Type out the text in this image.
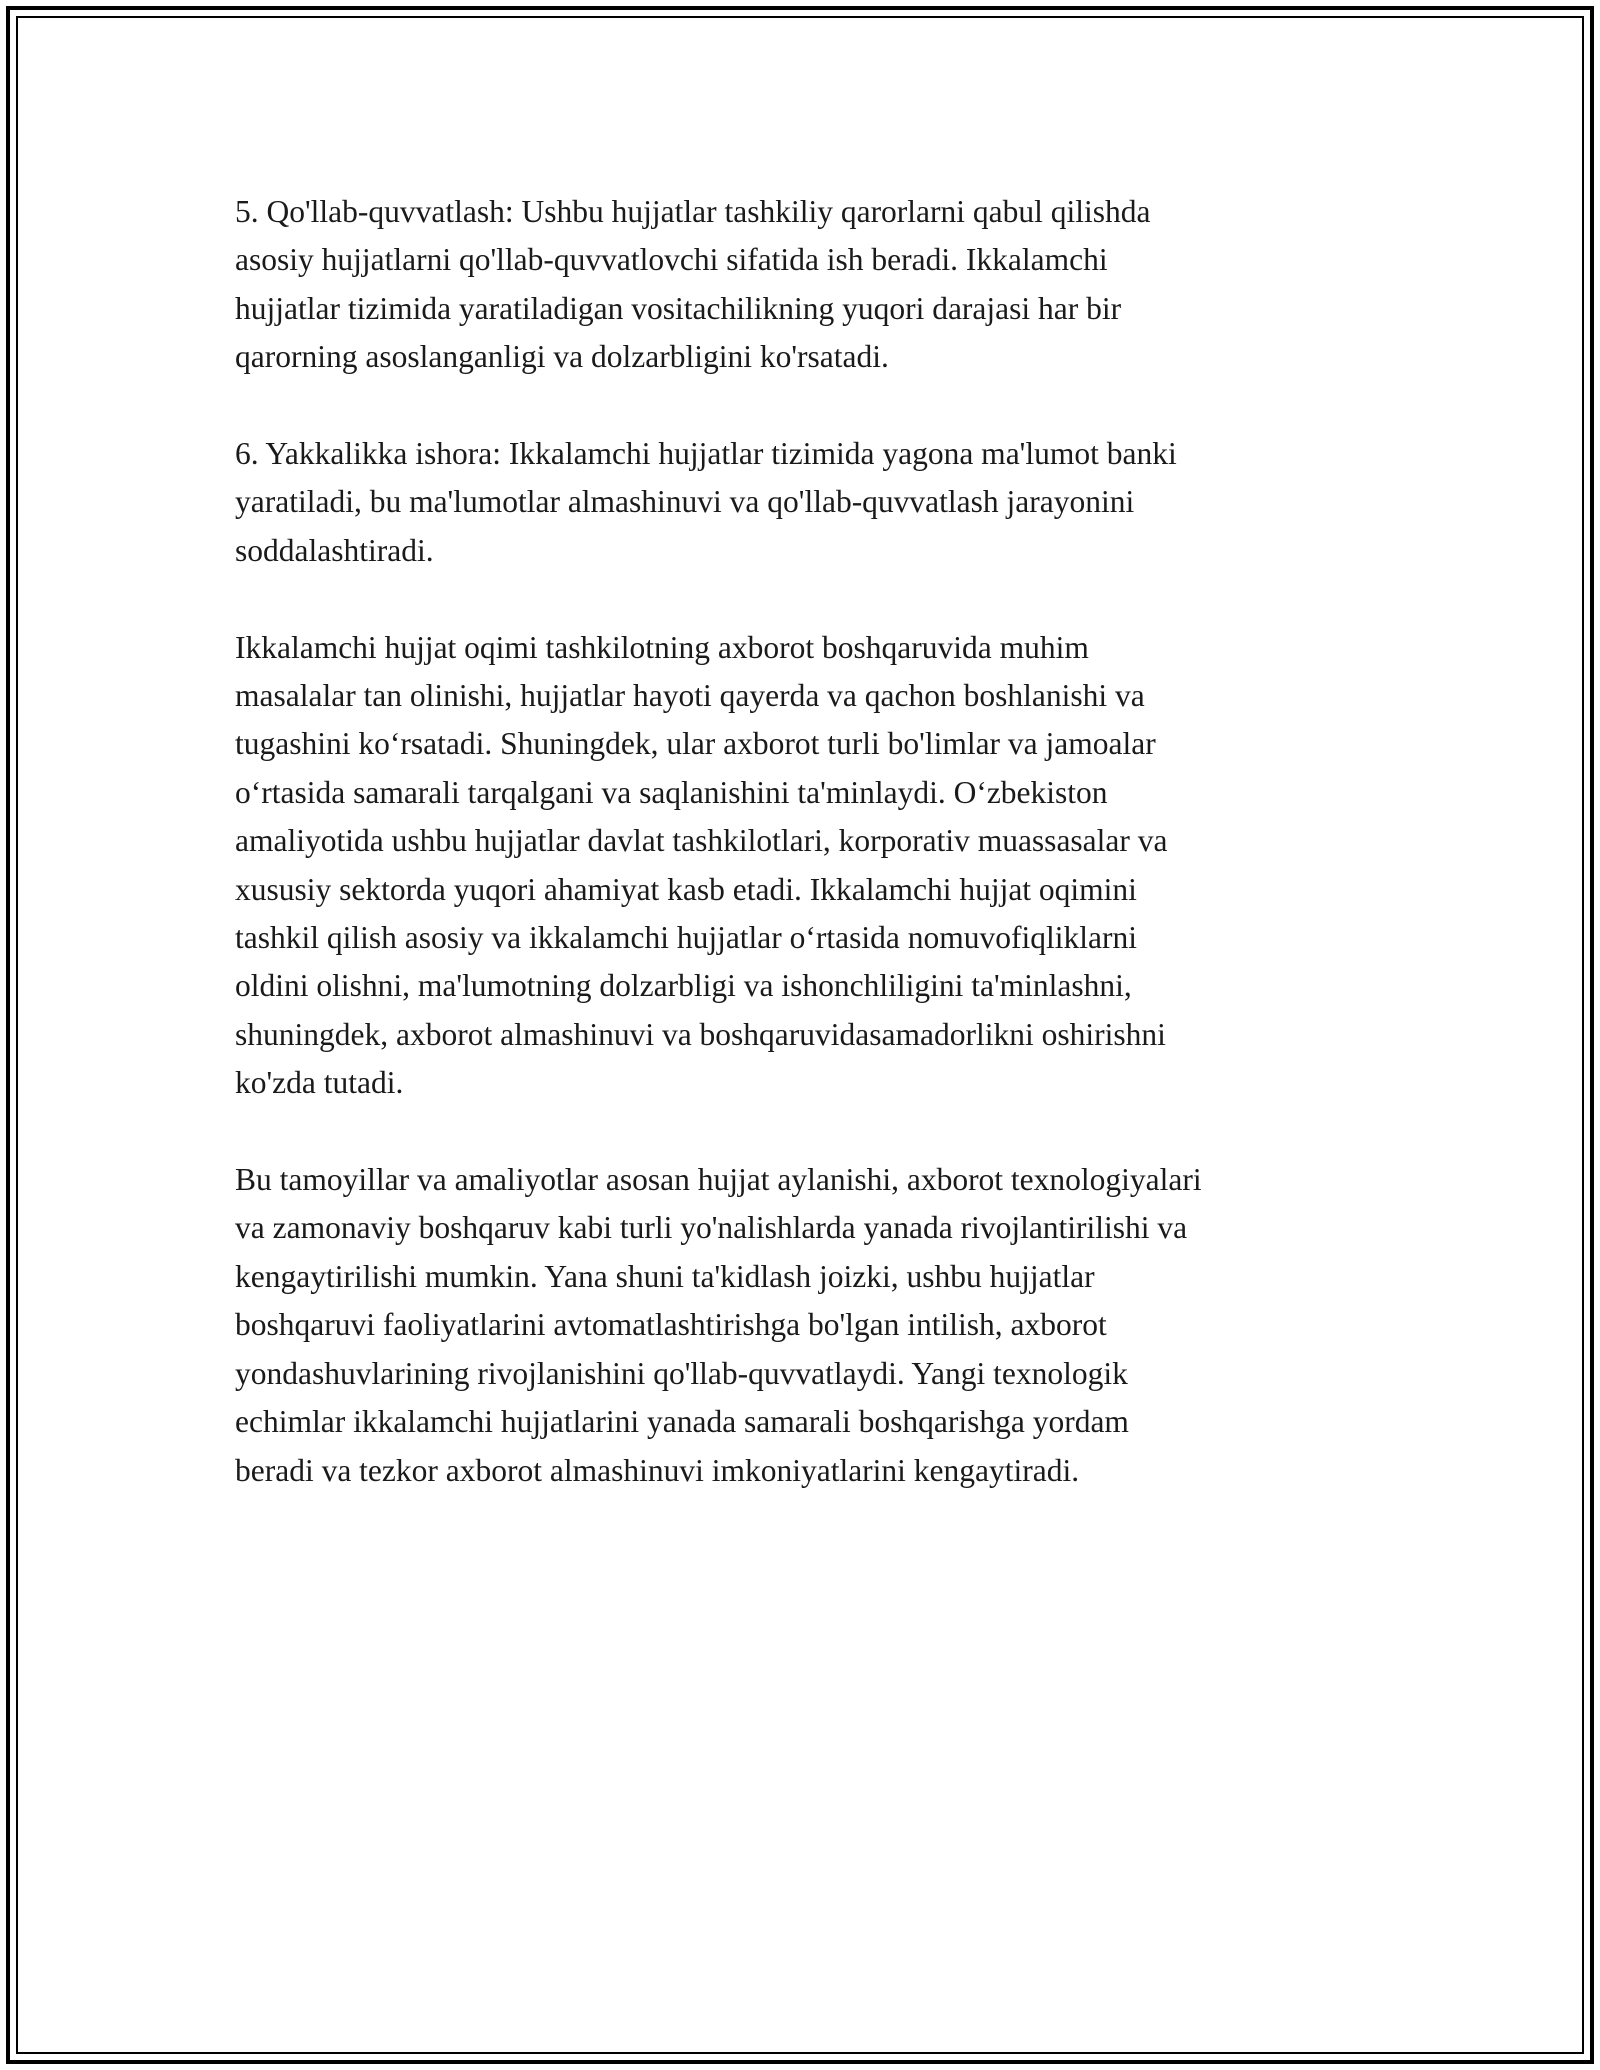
5. Qo'llab-quvvatlash: Ushbu hujjatlar tashkiliy qarorlarni qabul qilishda
asosiy hujjatlarni qo'llab-quvvatlovchi sifatida ish beradi. Ikkalamchi
hujjatlar tizimida yaratiladigan vositachilikning yuqori darajasi har bir
qarorning asoslanganligi va dolzarbligini ko'rsatadi.

6. Yakkalikka ishora: Ikkalamchi hujjatlar tizimida yagona ma'lumot banki
yaratiladi, bu ma'lumotlar almashinuvi va qo'llab-quvvatlash jarayonini
soddalashtiradi.

Ikkalamchi hujjat oqimi tashkilotning axborot boshqaruvida muhim
masalalar tan olinishi, hujjatlar hayoti qayerda va qachon boshlanishi va
tugashini ko‘rsatadi. Shuningdek, ular axborot turli bo'limlar va jamoalar
o‘rtasida samarali tarqalgani va saqlanishini ta'minlaydi. O‘zbekiston
amaliyotida ushbu hujjatlar davlat tashkilotlari, korporativ muassasalar va
xususiy sektorda yuqori ahamiyat kasb etadi. Ikkalamchi hujjat oqimini
tashkil qilish asosiy va ikkalamchi hujjatlar o‘rtasida nomuvofiqliklarni
oldini olishni, ma'lumotning dolzarbligi va ishonchliligini ta'minlashni,
shuningdek, axborot almashinuvi va boshqaruvidasamadorlikni oshirishni
ko'zda tutadi.

Bu tamoyillar va amaliyotlar asosan hujjat aylanishi, axborot texnologiyalari
va zamonaviy boshqaruv kabi turli yo'nalishlarda yanada rivojlantirilishi va
kengaytirilishi mumkin. Yana shuni ta'kidlash joizki, ushbu hujjatlar
boshqaruvi faoliyatlarini avtomatlashtirishga bo'lgan intilish, axborot
yondashuvlarining rivojlanishini qo'llab-quvvatlaydi. Yangi texnologik
echimlar ikkalamchi hujjatlarini yanada samarali boshqarishga yordam
beradi va tezkor axborot almashinuvi imkoniyatlarini kengaytiradi.
